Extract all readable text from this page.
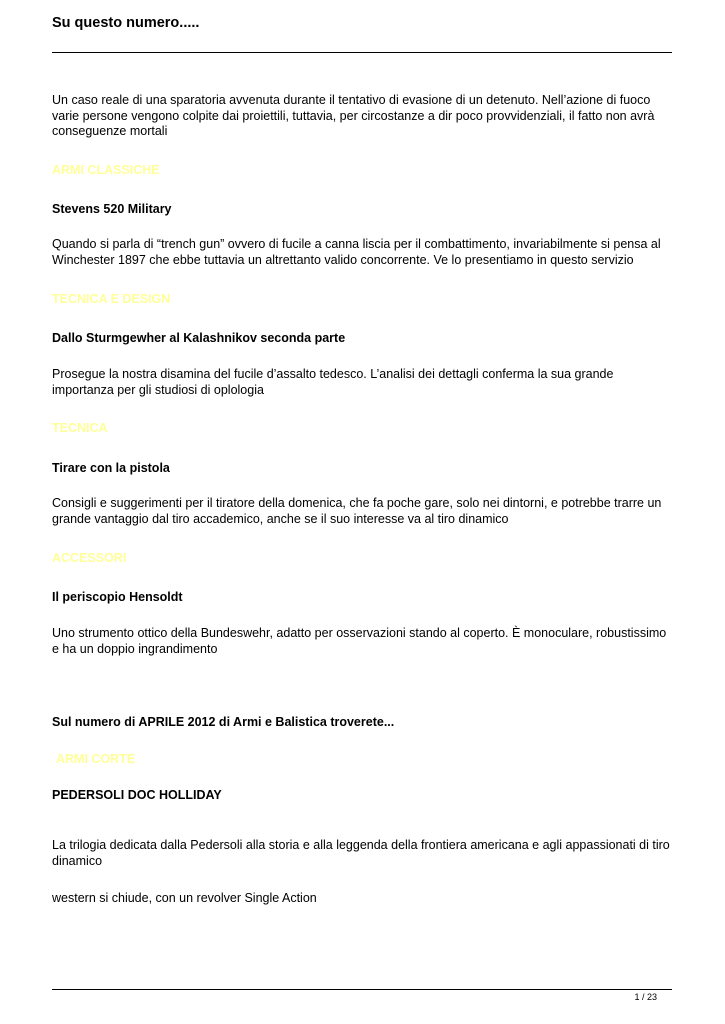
Su questo numero.....

Un caso reale di una sparatoria avvenuta durante il tentativo di evasione di un detenuto. Nell’azione di fuoco varie persone vengono colpite dai proiettili, tuttavia, per circostanze a dir poco provvidenziali, il fatto non avrà conseguenze mortali

ARMI CLASSICHE

Stevens 520 Military

Quando si parla di “trench gun” ovvero di fucile a canna liscia per il combattimento, invariabilmente si pensa al Winchester 1897 che ebbe tuttavia un altrettanto valido concorrente. Ve lo presentiamo in questo servizio

TECNICA E DESIGN

Dallo Sturmgewher al Kalashnikov seconda parte

Prosegue la nostra disamina del fucile d’assalto tedesco. L’analisi dei dettagli conferma la sua grande importanza per gli studiosi di oplologia

TECNICA

Tirare con la pistola

Consigli e suggerimenti per il tiratore della domenica, che fa poche gare, solo nei dintorni, e potrebbe trarre un grande vantaggio dal tiro accademico, anche se il suo interesse va al tiro dinamico

ACCESSORI

Il periscopio Hensoldt

Uno strumento ottico della Bundeswehr, adatto per osservazioni stando al coperto. È monoculare, robustissimo e ha un doppio ingrandimento

Sul numero di APRILE 2012 di Armi e Balistica troverete...

ARMI CORTE

PEDERSOLI DOC HOLLIDAY

La trilogia dedicata dalla Pedersoli alla storia e alla leggenda della frontiera americana e agli appassionati di tiro dinamico

western si chiude, con un revolver Single Action

1 / 23
